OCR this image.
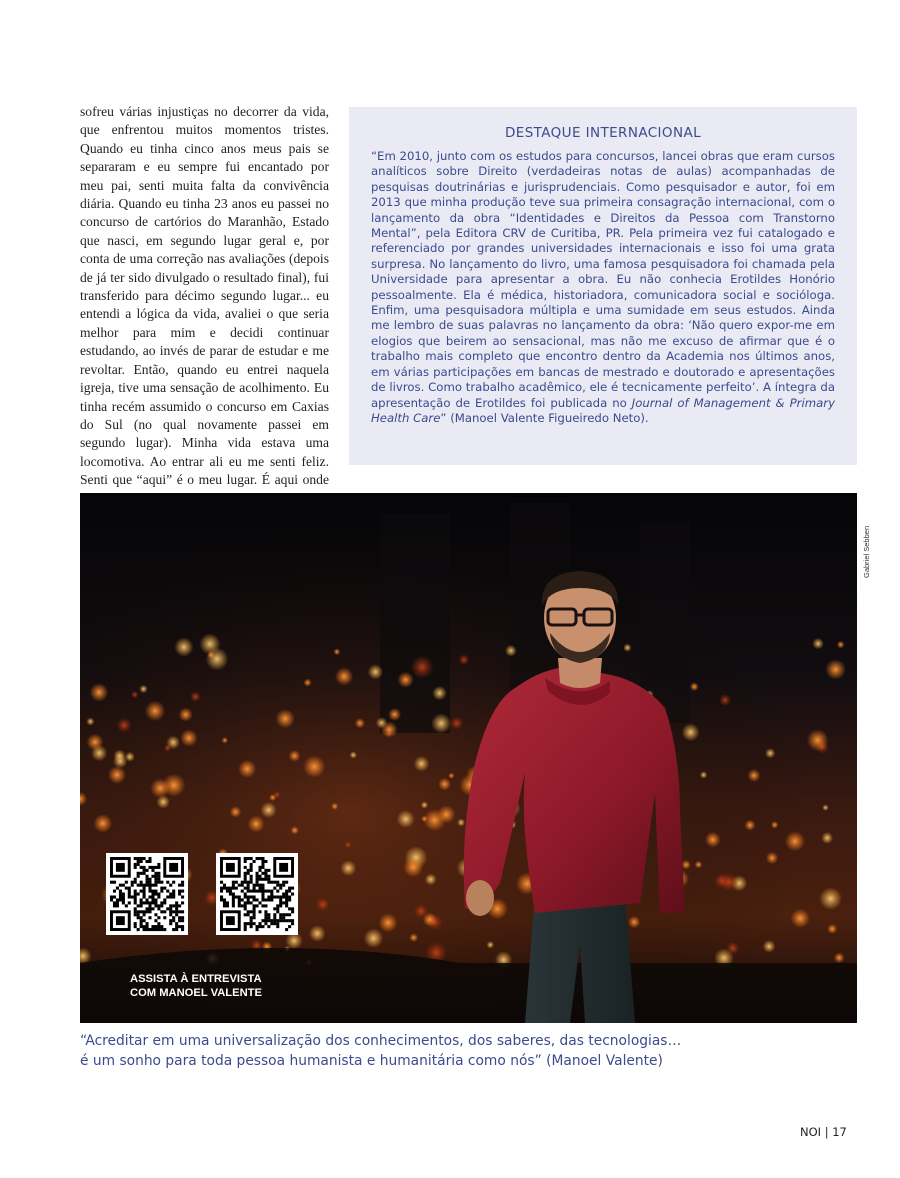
sofreu várias injustiças no decorrer da vida, que enfrentou muitos momentos tristes. Quando eu tinha cinco anos meus pais se separaram e eu sempre fui encantado por meu pai, senti muita falta da convivência diária. Quando eu tinha 23 anos eu passei no concurso de cartórios do Maranhão, Estado que nasci, em segundo lugar geral e, por conta de uma correção nas avaliações (depois de já ter sido divulgado o resultado final), fui transferido para décimo segundo lugar... eu entendi a lógica da vida, avaliei o que seria melhor para mim e decidi continuar estudando, ao invés de parar de estudar e me revoltar. Então, quando eu entrei naquela igreja, tive uma sensação de acolhimento. Eu tinha recém assumido o concurso em Caxias do Sul (no qual novamente passei em segundo lugar). Minha vida estava uma locomotiva. Ao entrar ali eu me senti feliz. Senti que “aqui” é o meu lugar. É aqui onde

DESTAQUE INTERNACIONAL

“Em 2010, junto com os estudos para concursos, lancei obras que eram cursos analíticos sobre Direito (verdadeiras notas de aulas) acompanhadas de pesquisas doutrinárias e jurisprudenciais. Como pesquisador e autor, foi em 2013 que minha produção teve sua primeira consagração internacional, com o lançamento da obra “Identidades e Direitos da Pessoa com Transtorno Mental”, pela Editora CRV de Curitiba, PR. Pela primeira vez fui catalogado e referenciado por grandes universidades internacionais e isso foi uma grata surpresa. No lançamento do livro, uma famosa pesquisadora foi chamada pela Universidade para apresentar a obra. Eu não conhecia Erotildes Honório pessoalmente. Ela é médica, historiadora, comunicadora social e socióloga. Enfim, uma pesquisadora múltipla e uma sumidade em seus estudos. Ainda me lembro de suas palavras no lançamento da obra: ‘Não quero expor-me em elogios que beirem ao sensacional, mas não me excuso de afirmar que é o trabalho mais completo que encontro dentro da Academia nos últimos anos, em várias participações em bancas de mestrado e doutorado e apresentações de livros. Como trabalho acadêmico, ele é tecnicamente perfeito’. A íntegra da apresentação de Erotildes foi publicada no Journal of Management & Primary Health Care” (Manoel Valente Figueiredo Neto).

Gabriel Sebben

ASSISTA À ENTREVISTA
COM MANOEL VALENTE

“Acreditar em uma universalização dos conhecimentos, dos saberes, das tecnologias…
é um sonho para toda pessoa humanista e humanitária como nós” (Manoel Valente)

NOI | 17
